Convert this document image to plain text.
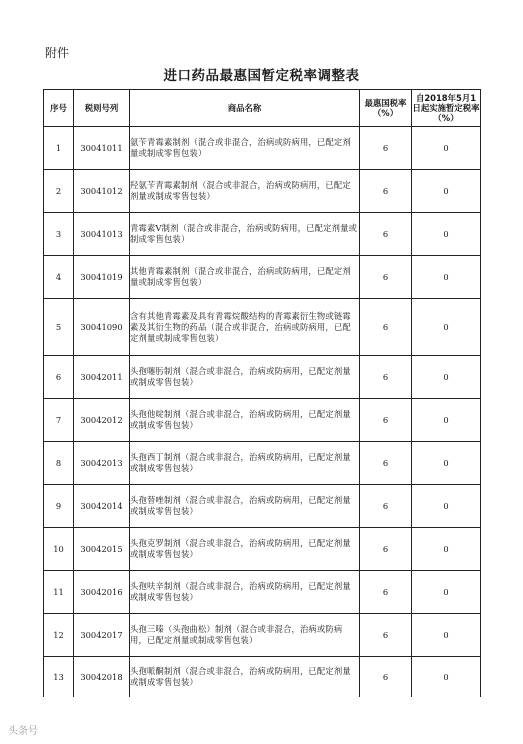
附件
进口药品最惠国暂定税率调整表
序号	税则号列	商品名称	最惠国税率（%）	自2018年5月1日起实施暂定税率（%）
1	30041011	氨苄青霉素制剂（混合或非混合，治病或防病用，已配定剂量或制成零售包装）	6	0
2	30041012	羟氨苄青霉素制剂（混合或非混合，治病或防病用，已配定剂量或制成零售包装）	6	0
3	30041013	青霉素V制剂（混合或非混合，治病或防病用，已配定剂量或制成零售包装）	6	0
4	30041019	其他青霉素制剂（混合或非混合，治病或防病用，已配定剂量或制成零售包装）	6	0
5	30041090	含有其他青霉素及具有青霉烷酸结构的青霉素衍生物或链霉素及其衍生物的药品（混合或非混合，治病或防病用，已配定剂量或制成零售包装）	6	0
6	30042011	头孢噻肟制剂（混合或非混合，治病或防病用，已配定剂量或制成零售包装）	6	0
7	30042012	头孢他啶制剂（混合或非混合，治病或防病用，已配定剂量或制成零售包装）	6	0
8	30042013	头孢西丁制剂（混合或非混合，治病或防病用，已配定剂量或制成零售包装）	6	0
9	30042014	头孢替唑制剂（混合或非混合，治病或防病用，已配定剂量或制成零售包装）	6	0
10	30042015	头孢克罗制剂（混合或非混合，治病或防病用，已配定剂量或制成零售包装）	6	0
11	30042016	头孢呋辛制剂（混合或非混合，治病或防病用，已配定剂量或制成零售包装）	6	0
12	30042017	头孢三嗪（头孢曲松）制剂（混合或非混合，治病或防病用，已配定剂量或制成零售包装）	6	0
13	30042018	头孢哌酮制剂（混合或非混合，治病或防病用，已配定剂量或制成零售包装）	6	0
头条号
